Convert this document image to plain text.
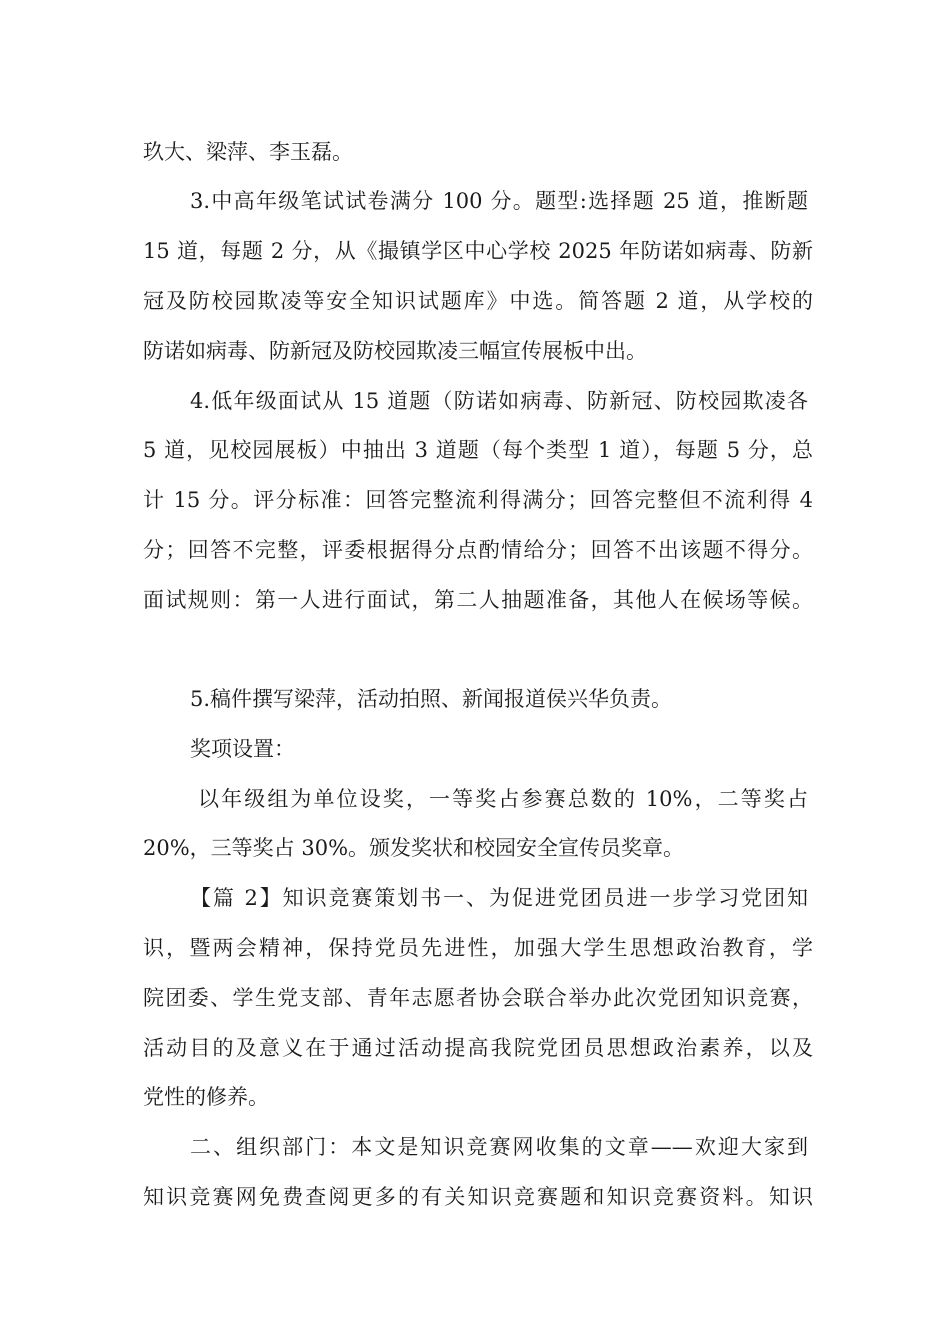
玖大、梁萍、李玉磊。
3.中高年级笔试试卷满分 100 分。题型:选择题 25 道，推断题
15 道，每题 2 分，从《撮镇学区中心学校 2025 年防诺如病毒、防新
冠及防校园欺凌等安全知识试题库》中选。简答题 2 道，从学校的
防诺如病毒、防新冠及防校园欺凌三幅宣传展板中出。
4.低年级面试从 15 道题（防诺如病毒、防新冠、防校园欺凌各
5 道，见校园展板）中抽出 3 道题（每个类型 1 道），每题 5 分，总
计 15 分。评分标准：回答完整流利得满分；回答完整但不流利得 4
分；回答不完整，评委根据得分点酌情给分；回答不出该题不得分。
面试规则：第一人进行面试，第二人抽题准备，其他人在候场等候。
5.稿件撰写梁萍，活动拍照、新闻报道侯兴华负责。
奖项设置：
以年级组为单位设奖，一等奖占参赛总数的 10%，二等奖占
20%，三等奖占 30%。颁发奖状和校园安全宣传员奖章。
【篇 2】知识竞赛策划书一、为促进党团员进一步学习党团知
识，暨两会精神，保持党员先进性，加强大学生思想政治教育，学
院团委、学生党支部、青年志愿者协会联合举办此次党团知识竞赛，
活动目的及意义在于通过活动提高我院党团员思想政治素养，以及
党性的修养。
二、组织部门：本文是知识竞赛网收集的文章——欢迎大家到
知识竞赛网免费查阅更多的有关知识竞赛题和知识竞赛资料。知识
